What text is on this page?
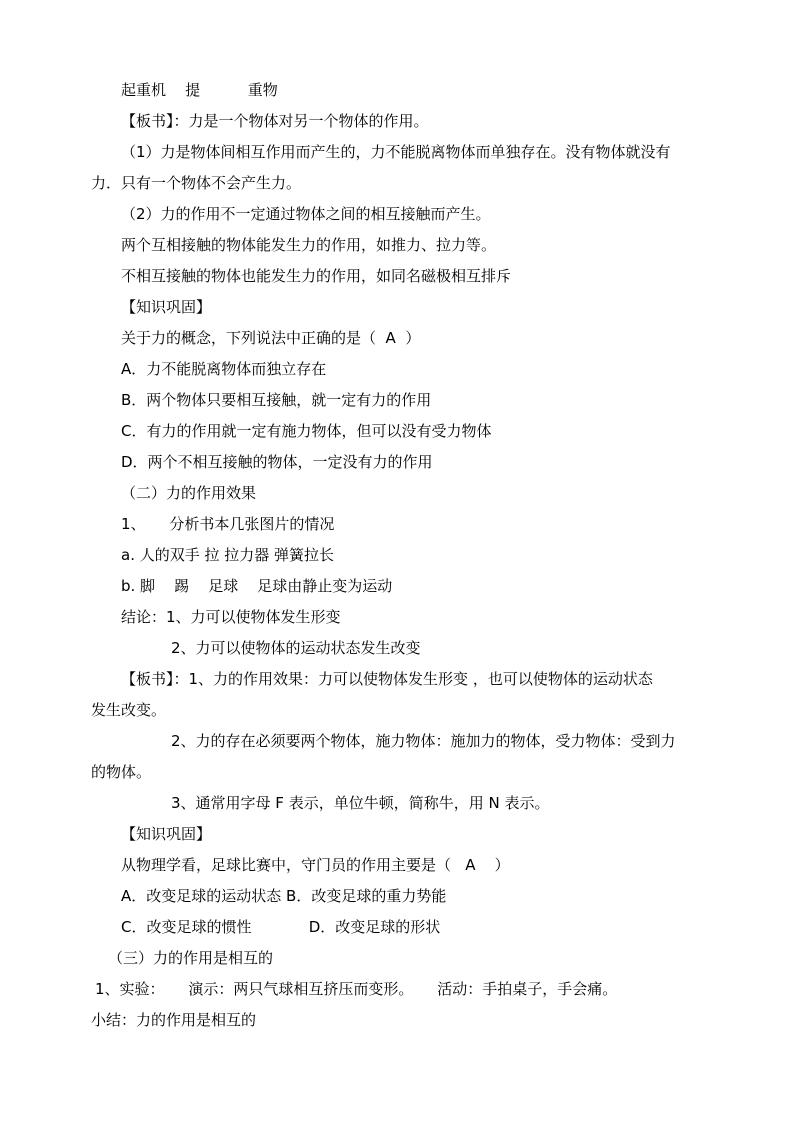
起重机    提          重物
【板书】：力是一个物体对另一个物体的作用。
（1）力是物体间相互作用而产生的，力不能脱离物体而单独存在。没有物体就没有
力．只有一个物体不会产生力。
（2）力的作用不一定通过物体之间的相互接触而产生。
两个互相接触的物体能发生力的作用，如推力、拉力等。
不相互接触的物体也能发生力的作用，如同名磁极相互排斥
【知识巩固】
关于力的概念，下列说法中正确的是（  A  ）
A．力不能脱离物体而独立存在
B．两个物体只要相互接触，就一定有力的作用
C．有力的作用就一定有施力物体，但可以没有受力物体
D．两个不相互接触的物体，一定没有力的作用
（二）力的作用效果
1、     分析书本几张图片的情况
a. 人的双手 拉 拉力器 弹簧拉长
b. 脚    踢    足球    足球由静止变为运动
结论：1、力可以使物体发生形变
2、力可以使物体的运动状态发生改变
【板书】：1、力的作用效果：力可以使物体发生形变 ，也可以使物体的运动状态
发生改变。
2、力的存在必须要两个物体，施力物体：施加力的物体，受力物体：受到力
的物体。
3、通常用字母 F 表示，单位牛顿，简称牛，用 N 表示。
【知识巩固】
从物理学看，足球比赛中，守门员的作用主要是（   A    ）
A．改变足球的运动状态 B．改变足球的重力势能
C．改变足球的惯性            D．改变足球的形状
（三）力的作用是相互的
1、实验：     演示：两只气球相互挤压而变形。     活动：手拍桌子，手会痛。
小结：力的作用是相互的
